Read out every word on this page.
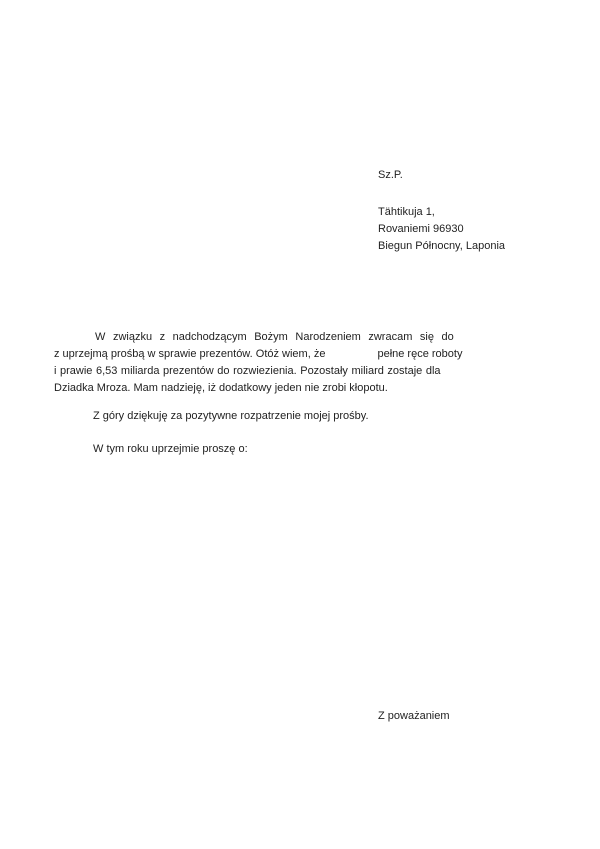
Sz.P.
Tähtikuja 1,
Rovaniemi 96930
Biegun Północny, Laponia
W związku z nadchodzącym Bożym Narodzeniem zwracam się do
z uprzejmą prośbą w sprawie prezentów. Otóż wiem, że	pełne ręce roboty
i prawie 6,53 miliarda prezentów do rozwiezienia. Pozostały miliard zostaje dla
Dziadka Mroza. Mam nadzieję, iż dodatkowy jeden nie zrobi kłopotu.
Z góry dziękuję za pozytywne rozpatrzenie mojej prośby.
W tym roku uprzejmie proszę o:
Z poważaniem
